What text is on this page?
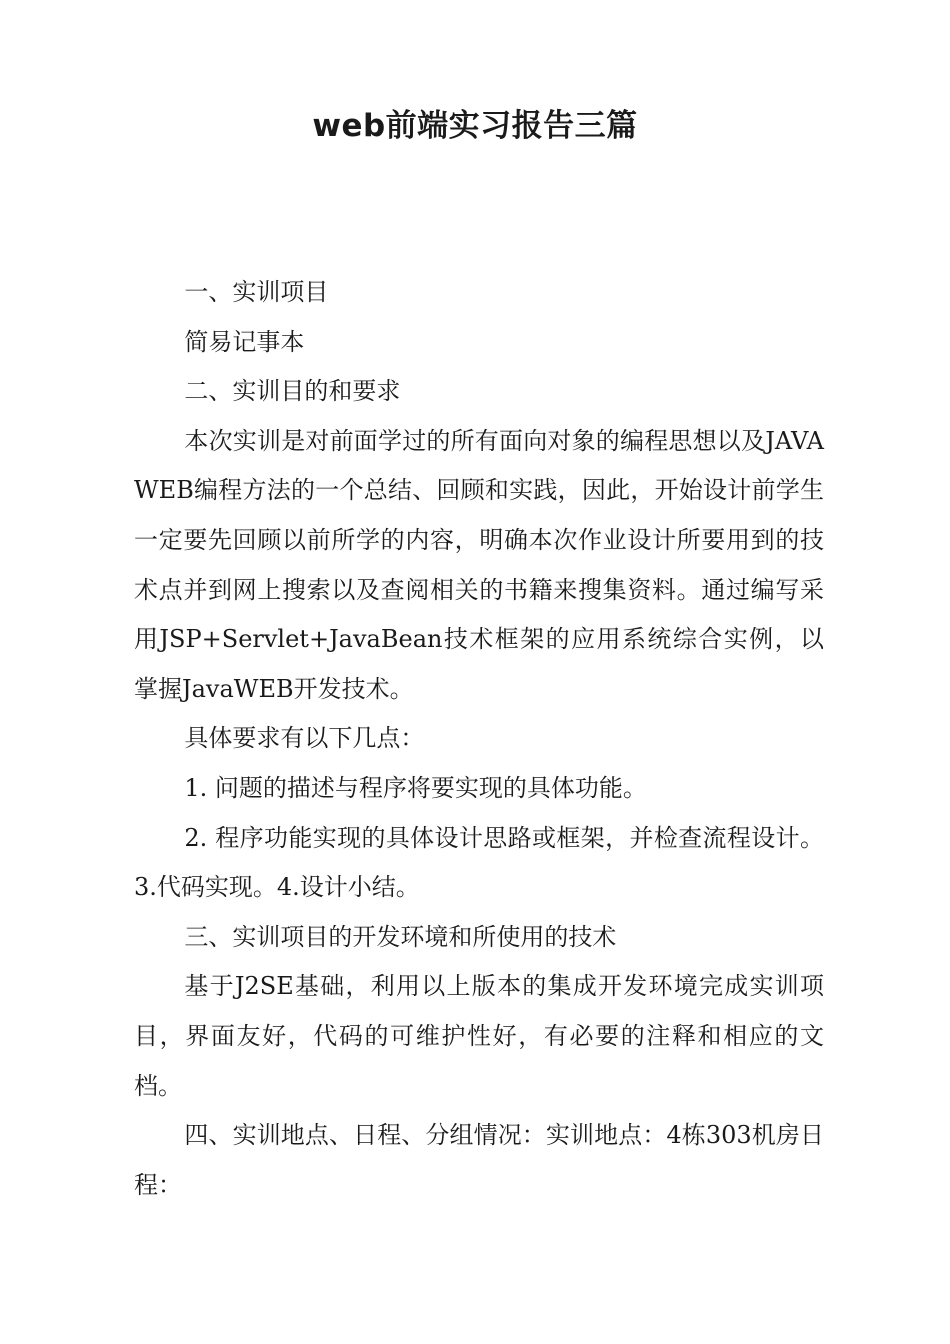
web前端实习报告三篇

一、实训项目

简易记事本

二、实训目的和要求

本次实训是对前面学过的所有面向对象的编程思想以及JAVAWEB编程方法的一个总结、回顾和实践，因此，开始设计前学生一定要先回顾以前所学的内容，明确本次作业设计所要用到的技术点并到网上搜索以及查阅相关的书籍来搜集资料。通过编写采用JSP+Servlet+JavaBean技术框架的应用系统综合实例，以掌握JavaWEB开发技术。

具体要求有以下几点：

1. 问题的描述与程序将要实现的具体功能。

2. 程序功能实现的具体设计思路或框架，并检查流程设计。3.代码实现。4.设计小结。

三、实训项目的开发环境和所使用的技术

基于J2SE基础，利用以上版本的集成开发环境完成实训项目，界面友好，代码的可维护性好，有必要的注释和相应的文档。

四、实训地点、日程、分组情况：实训地点：4栋303机房日程：
